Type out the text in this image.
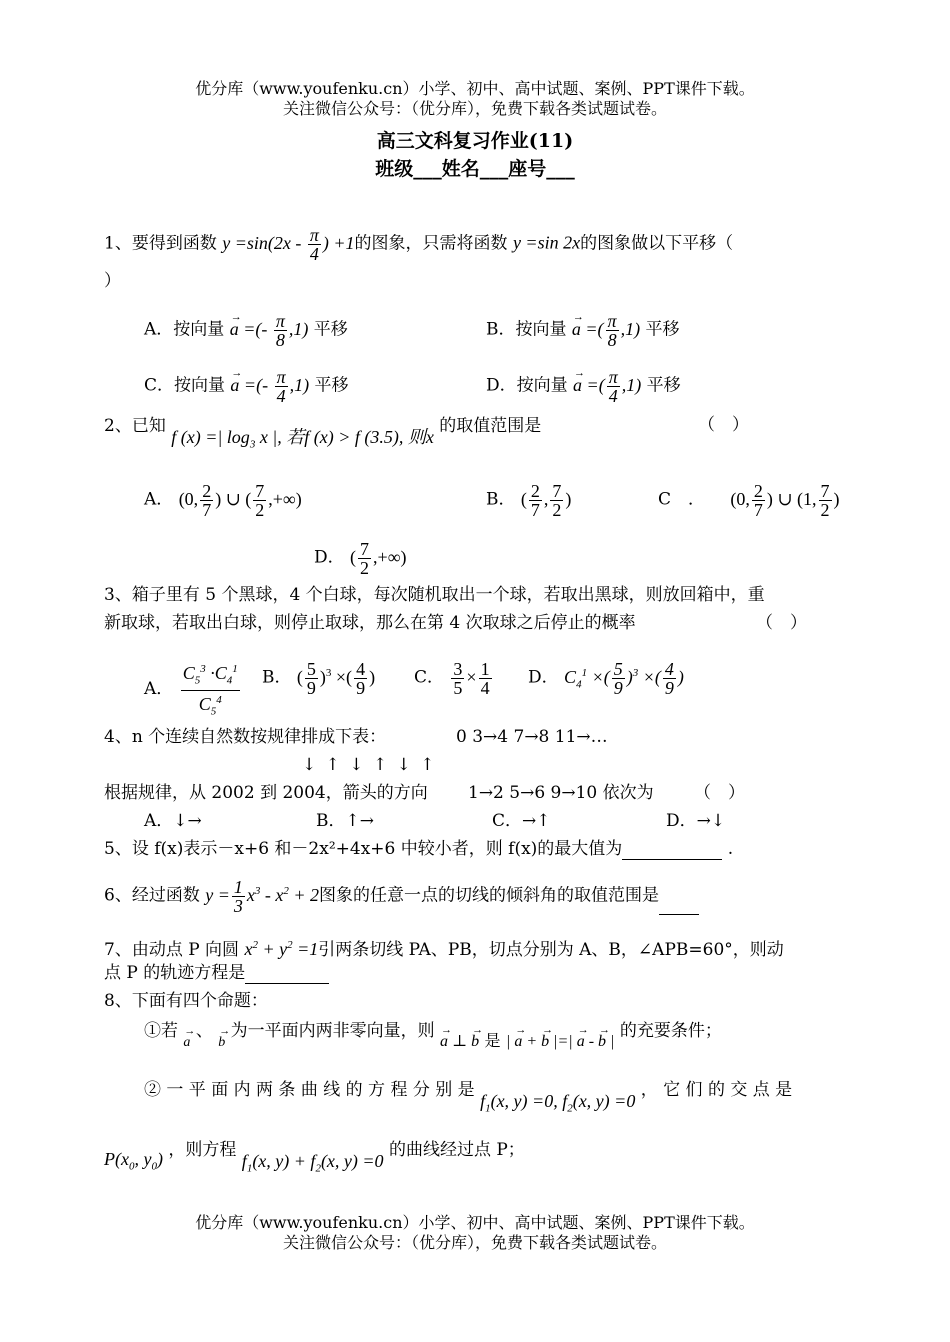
优分库（www.youfenku.cn）小学、初中、高中试题、案例、PPT课件下载。
关注微信公众号：（优分库），免费下载各类试题试卷。
高三文科复习作业(11)
班级___姓名___座号___
1、要得到函数 $y =\sin(2x - \frac{\pi}{4}$ ) +1的图象，只需将函数 y =sin 2x的图象做以下平移（
）
A．按向量 → a =(- $\frac{\pi}{8} ,1$) 平移	B．按向量 → a =( $\frac{\pi}{8} ,1$) 平移
C．按向量 → a =(- $\frac{\pi}{4} ,1$) 平移	D．按向量 → a =( $\frac{\pi}{4} ,1$) 平移
2、已知 f (x) =| $\log_3 x$ |, 若f (x) > f (3.5), 则x 的取值范围是	（　）
A． (0, $\frac{2}{7}$ ) ∪ ( $\frac{7}{2}$ ,+∞)	B． ( $\frac{2}{7}$ , $\frac{7}{2}$ )	C　． (0, $\frac{2}{7}$ ) ∪ (1, $\frac{7}{2}$ )
D． ( $\frac{7}{2}$ ,+∞)
3、箱子里有 5 个黑球，4 个白球，每次随机取出一个球，若取出黑球，则放回箱中，重
新取球，若取出白球，则停止取球，那么在第 4 次取球之后停止的概率	（　）
A． $\frac{C_5^3 \cdot C_4^1}{C_5^4}$ B． ( $\frac{5}{9} )^3$ ×( $\frac{4}{9}$ ) C． $\frac{3}{5} \times \frac{1}{4}$ D． $C_4^1$ ×( $\frac{5}{9} )^3$ ×( $\frac{4}{9}$ )
4、n 个连续自然数按规律排成下表：	0 3→4 7→8 11→…
↓ ↑ ↓ ↑ ↓ ↑
根据规律，从 2002 到 2004，箭头的方向 1→2 5→6 9→10 依次为 （　）
A．↓→	B．↑→	C．→↑	D．→↓
5、设 f(x)表示－x+6 和－2x²+4x+6 中较小者，则 f(x)的最大值为	.
6、经过函数 $y = \frac{1}{3} x^3 - x^2 + 2$图象的任意一点的切线的倾斜角的取值范围是
7、由动点 P 向圆 $x^2 + y^2 =1$引两条切线 PA、PB，切点分别为 A、B，∠APB=60°，则动
点 P 的轨迹方程是
8、下面有四个命题：
①若 → $_a$ 、 → $_b$ 为一平面内两非零向量，则 → a ⊥ → b 是 | → a + → b |=| → a - → b | 的充要条件；
② 一 平 面 内 两 条 曲 线 的 方 程 分 别 是 $f_1(x$, y) =0, $f_2(x$, y) =0 ， 它 们 的 交 点 是
$P(x_0$, $y_0$) ，则方程 $f_1(x$, $y) + f_2(x$, y) =0 的曲线经过点 P；
优分库（www.youfenku.cn）小学、初中、高中试题、案例、PPT课件下载。
关注微信公众号：（优分库），免费下载各类试题试卷。
